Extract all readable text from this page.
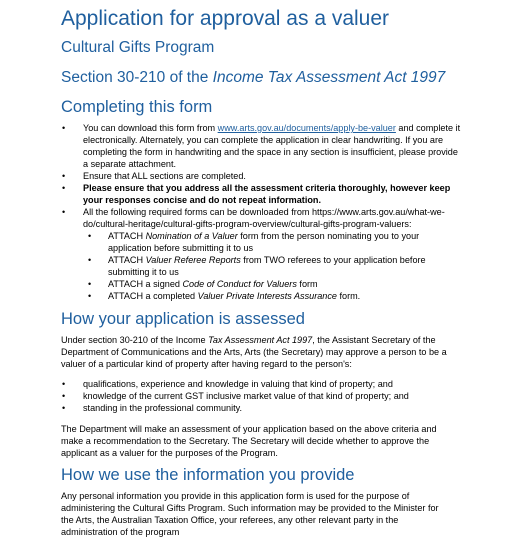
Application for approval as a valuer
Cultural Gifts Program
Section 30-210 of the Income Tax Assessment Act 1997
Completing this form
• You can download this form from www.arts.gov.au/documents/apply-be-valuer and complete it electronically. Alternately, you can complete the application in clear handwriting. If you are completing the form in handwriting and the space in any section is insufficient, please provide a separate attachment.

• Ensure that ALL sections are completed.

• Please ensure that you address all the assessment criteria thoroughly, however keep your responses concise and do not repeat information.

• All the following required forms can be downloaded from https://www.arts.gov.au/what-we-do/cultural-heritage/cultural-gifts-program-overview/cultural-gifts-program-valuers:

• ATTACH Nomination of a Valuer form from the person nominating you to your application before submitting it to us

• ATTACH Valuer Referee Reports from TWO referees to your application before submitting it to us

• ATTACH a signed Code of Conduct for Valuers form

• ATTACH a completed Valuer Private Interests Assurance form.

How your application is assessed

Under section 30-210 of the Income Tax Assessment Act 1997, the Assistant Secretary of the Department of Communications and the Arts, Arts (the Secretary) may approve a person to be a valuer of a particular kind of property after having regard to the person's:

• qualifications, experience and knowledge in valuing that kind of property; and

• knowledge of the current GST inclusive market value of that kind of property; and

• standing in the professional community.

The Department will make an assessment of your application based on the above criteria and make a recommendation to the Secretary. The Secretary will decide whether to approve the applicant as a valuer for the purposes of the Program.

How we use the information you provide

Any personal information you provide in this application form is used for the purpose of administering the Cultural Gifts Program. Such information may be provided to the Minister for the Arts, the Australian Taxation Office, your referees, any other relevant party in the administration of the program
